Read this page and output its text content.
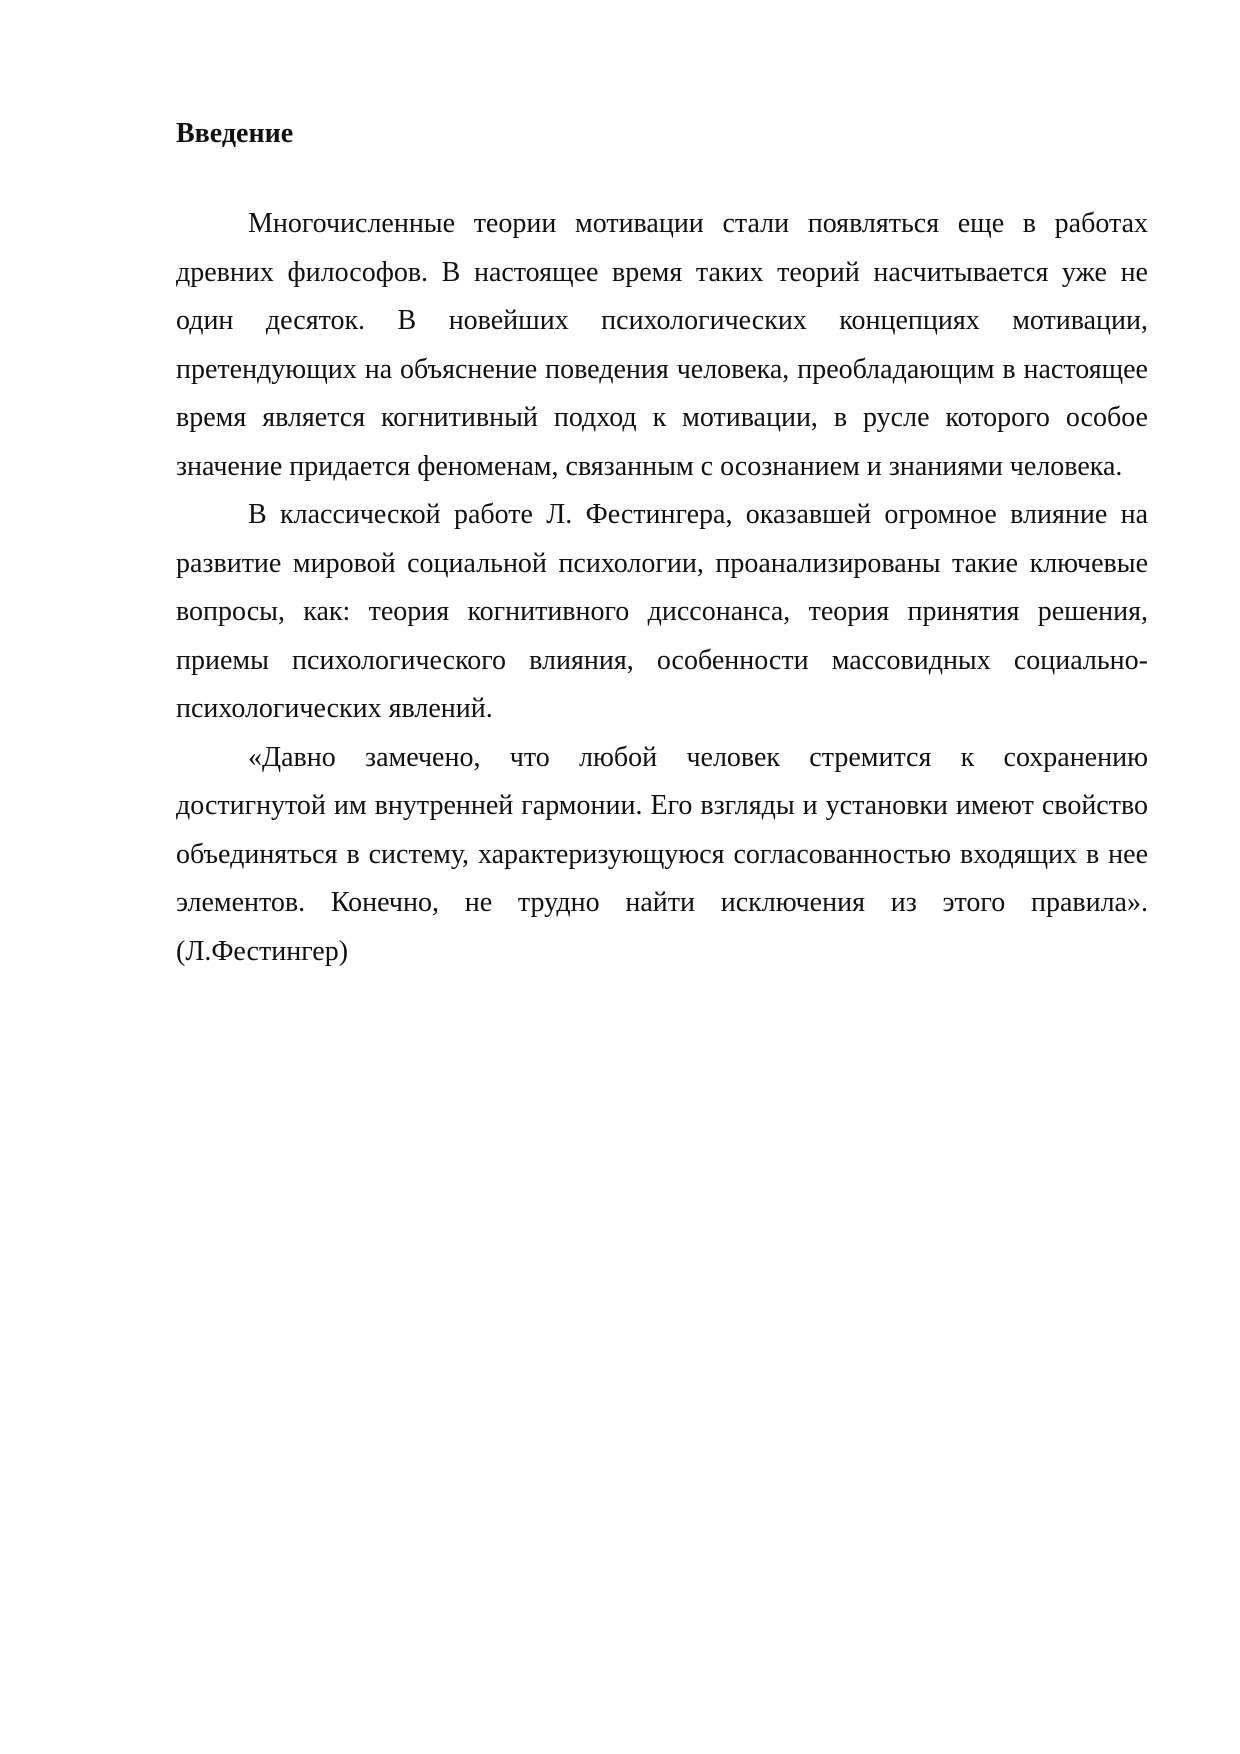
Введение

Многочисленные теории мотивации стали появляться еще в работах древних философов. В настоящее время таких теорий насчитывается уже не один десяток. В новейших психологических концепциях мотивации, претендующих на объяснение поведения человека, преобладающим в настоящее время является когнитивный подход к мотивации, в русле которого особое значение придается феноменам, связанным с осознанием и знаниями человека.

В классической работе Л. Фестингера, оказавшей огромное влияние на развитие мировой социальной психологии, проанализированы такие ключевые вопросы, как: теория когнитивного диссонанса, теория принятия решения, приемы психологического влияния, особенности массовидных социально-психологических явлений.

«Давно замечено, что любой человек стремится к сохранению достигнутой им внутренней гармонии. Его взгляды и установки имеют свойство объединяться в систему, характеризующуюся согласованностью входящих в нее элементов. Конечно, не трудно найти исключения из этого правила». (Л.Фестингер)
